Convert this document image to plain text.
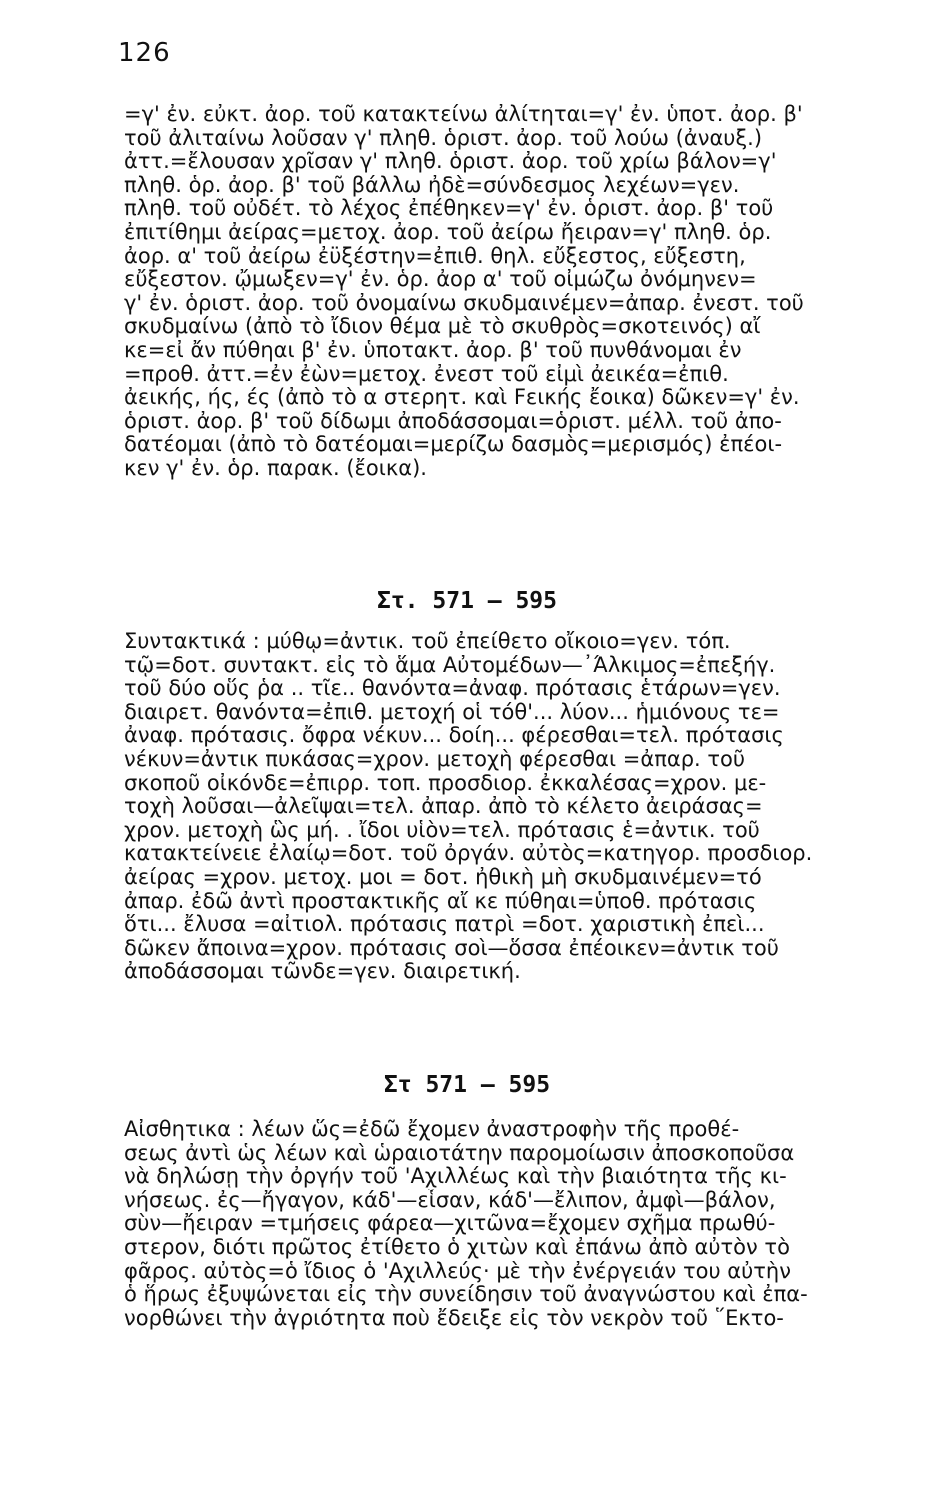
126
=γ' ἐν. εὐκτ. ἀορ. τοῦ κατακτείνω ἀλίτηται=γ' ἐν. ὑποτ. ἀορ. β'
τοῦ ἀλιταίνω λοῦσαν γ' πληθ. ὁριστ. ἀορ. τοῦ λούω (ἀναυξ.)
ἀττ.=ἔλουσαν χρῖσαν γ' πληθ. ὁριστ. ἀορ. τοῦ χρίω βάλον=γ'
πληθ. ὁρ. ἀορ. β' τοῦ βάλλω ἠδὲ=σύνδεσμος λεχέων=γεν.
πληθ. τοῦ οὐδέτ. τὸ λέχος ἐπέθηκεν=γ' ἐν. ὁριστ. ἀορ. β' τοῦ
ἐπιτίθημι ἀείρας=μετοχ. ἀορ. τοῦ ἀείρω ἤειραν=γ' πληθ. ὁρ.
ἀορ. α' τοῦ ἀείρω ἐϋξέστην=ἐπιθ. θηλ. εὔξεστος, εὔξεστη,
εὔξεστον. ᾤμωξεν=γ' ἐν. ὁρ. ἀορ α' τοῦ οἰμώζω ὀνόμηνεν=
γ' ἐν. ὁριστ. ἀορ. τοῦ ὀνομαίνω σκυδμαινέμεν=ἀπαρ. ἐνεστ. τοῦ
σκυδμαίνω (ἀπὸ τὸ ἴδιον θέμα μὲ τὸ σκυθρὸς=σκοτεινός) αἴ
κε=εἰ ἄν πύθηαι β' ἐν. ὑποτακτ. ἀορ. β' τοῦ πυνθάνομαι ἐν
=προθ. ἀττ.=ἐν ἐὼν=μετοχ. ἐνεστ τοῦ εἰμὶ ἀεικέα=ἐπιθ.
ἀεικής, ής, ές (ἀπὸ τὸ α στερητ. καὶ Fεικής ἔοικα) δῶκεν=γ' ἐν.
ὁριστ. ἀορ. β' τοῦ δίδωμι ἀποδάσσομαι=ὁριστ. μέλλ. τοῦ ἀπο-
δατέομαι (ἀπὸ τὸ δατέομαι=μερίζω δασμὸς=μερισμός) ἐπέοι-
κεν γ' ἐν. ὁρ. παρακ. (ἔοικα).
Στ. 571 — 595
Συντακτικά : μύθῳ=ἀντικ. τοῦ ἐπείθετο οἴκοιο=γεν. τόπ.
τῷ=δοτ. συντακτ. εἰς τὸ ἅμα Αὐτομέδων—᾿Άλκιμος=ἐπεξήγ.
τοῦ δύο οὕς ῥα .. τῖε.. θανόντα=ἀναφ. πρότασις ἑτάρων=γεν.
διαιρετ. θανόντα=ἐπιθ. μετοχή οἱ τόθ'... λύον... ἡμιόνους τε=
ἀναφ. πρότασις. ὄφρα νέκυν... δοίη... φέρεσθαι=τελ. πρότασις
νέκυν=ἀντικ πυκάσας=χρον. μετοχὴ φέρεσθαι =ἀπαρ. τοῦ
σκοποῦ οἰκόνδε=ἐπιρρ. τοπ. προσδιορ. ἐκκαλέσας=χρον. με-
τοχὴ λοῦσαι—ἀλεῖψαι=τελ. ἀπαρ. ἀπὸ τὸ κέλετο ἀειράσας=
χρον. μετοχὴ ὣς μή. . ἴδοι υἱὸν=τελ. πρότασις ἑ=ἀντικ. τοῦ
κατακτείνειε ἐλαίῳ=δοτ. τοῦ ὀργάν. αὐτὸς=κατηγορ. προσδιορ.
ἀείρας =χρον. μετοχ. μοι = δοτ. ἠθικὴ μὴ σκυδμαινέμεν=τό
ἀπαρ. ἐδῶ ἀντὶ προστακτικῆς αἴ κε πύθηαι=ὑποθ. πρότασις
ὅτι... ἔλυσα =αἰτιολ. πρότασις πατρὶ =δοτ. χαριστικὴ ἐπεὶ...
δῶκεν ἄποινα=χρον. πρότασις σοὶ—ὅσσα ἐπέοικεν=ἀντικ τοῦ
ἀποδάσσομαι τῶνδε=γεν. διαιρετική.
Στ 571 — 595
Αἰσθητικα : λέων ὥς=ἐδῶ ἔχομεν ἀναστροφὴν τῆς προθέ-
σεως ἀντὶ ὡς λέων καὶ ὡραιοτάτην παρομοίωσιν ἀποσκοποῦσα
νὰ δηλώσῃ τὴν ὀργήν τοῦ 'Αχιλλέως καὶ τὴν βιαιότητα τῆς κι-
νήσεως. ἐς—ἤγαγον, κάδ'—εἷσαν, κάδ'—ἔλιπον, ἀμφὶ—βάλον,
σὺν—ἤειραν =τμήσεις φάρεα—χιτῶνα=ἔχομεν σχῆμα πρωθύ-
στερον, διότι πρῶτος ἐτίθετο ὁ χιτὼν καὶ ἐπάνω ἀπὸ αὐτὸν τὸ
φᾶρος. αὐτὸς=ὁ ἴδιος ὁ 'Αχιλλεύς· μὲ τὴν ἐνέργειάν του αὐτὴν
ὁ ἥρως ἐξυψώνεται εἰς τὴν συνείδησιν τοῦ ἀναγνώστου καὶ ἐπα-
νορθώνει τὴν ἀγριότητα ποὺ ἔδειξε εἰς τὸν νεκρὸν τοῦ ῞Εκτο-
